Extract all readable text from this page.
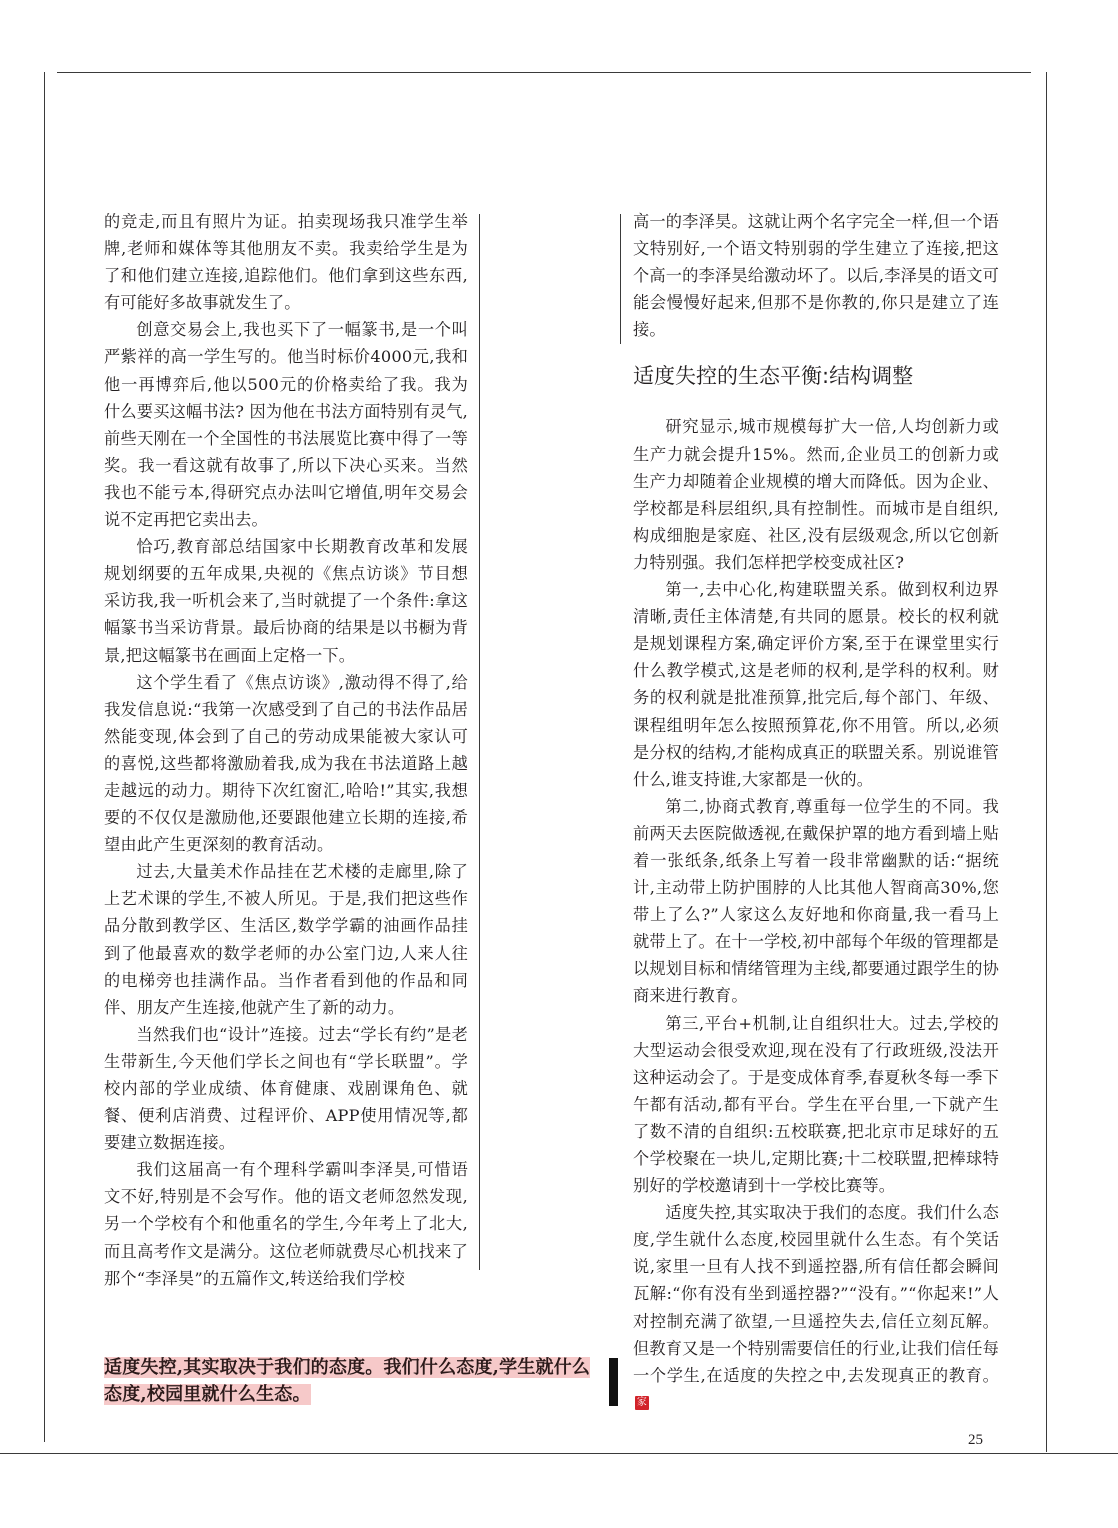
的竞走,而且有照片为证。拍卖现场我只准学生举牌,老师和媒体等其他朋友不卖。我卖给学生是为了和他们建立连接,追踪他们。他们拿到这些东西,有可能好多故事就发生了。

创意交易会上,我也买下了一幅篆书,是一个叫严紫祥的高一学生写的。他当时标价4000元,我和他一再博弈后,他以500元的价格卖给了我。我为什么要买这幅书法? 因为他在书法方面特别有灵气,前些天刚在一个全国性的书法展览比赛中得了一等奖。我一看这就有故事了,所以下决心买来。当然我也不能亏本,得研究点办法叫它增值,明年交易会说不定再把它卖出去。

恰巧,教育部总结国家中长期教育改革和发展规划纲要的五年成果,央视的《焦点访谈》节目想采访我,我一听机会来了,当时就提了一个条件:拿这幅篆书当采访背景。最后协商的结果是以书橱为背景,把这幅篆书在画面上定格一下。

这个学生看了《焦点访谈》,激动得不得了,给我发信息说:“我第一次感受到了自己的书法作品居然能变现,体会到了自己的劳动成果能被大家认可的喜悦,这些都将激励着我,成为我在书法道路上越走越远的动力。期待下次红窗汇,哈哈!”其实,我想要的不仅仅是激励他,还要跟他建立长期的连接,希望由此产生更深刻的教育活动。

过去,大量美术作品挂在艺术楼的走廊里,除了上艺术课的学生,不被人所见。于是,我们把这些作品分散到教学区、生活区,数学学霸的油画作品挂到了他最喜欢的数学老师的办公室门边,人来人往的电梯旁也挂满作品。当作者看到他的作品和同伴、朋友产生连接,他就产生了新的动力。

当然我们也“设计”连接。过去“学长有约”是老生带新生,今天他们学长之间也有“学长联盟”。学校内部的学业成绩、体育健康、戏剧课角色、就餐、便利店消费、过程评价、APP使用情况等,都要建立数据连接。

我们这届高一有个理科学霸叫李泽昊,可惜语文不好,特别是不会写作。他的语文老师忽然发现,另一个学校有个和他重名的学生,今年考上了北大,而且高考作文是满分。这位老师就费尽心机找来了那个“李泽昊”的五篇作文,转送给我们学校

高一的李泽昊。这就让两个名字完全一样,但一个语文特别好,一个语文特别弱的学生建立了连接,把这个高一的李泽昊给激动坏了。以后,李泽昊的语文可能会慢慢好起来,但那不是你教的,你只是建立了连接。

适度失控的生态平衡:结构调整

研究显示,城市规模每扩大一倍,人均创新力或生产力就会提升15%。然而,企业员工的创新力或生产力却随着企业规模的增大而降低。因为企业、学校都是科层组织,具有控制性。而城市是自组织,构成细胞是家庭、社区,没有层级观念,所以它创新力特别强。我们怎样把学校变成社区?

第一,去中心化,构建联盟关系。做到权利边界清晰,责任主体清楚,有共同的愿景。校长的权利就是规划课程方案,确定评价方案,至于在课堂里实行什么教学模式,这是老师的权利,是学科的权利。财务的权利就是批准预算,批完后,每个部门、年级、课程组明年怎么按照预算花,你不用管。所以,必须是分权的结构,才能构成真正的联盟关系。别说谁管什么,谁支持谁,大家都是一伙的。

第二,协商式教育,尊重每一位学生的不同。我前两天去医院做透视,在戴保护罩的地方看到墙上贴着一张纸条,纸条上写着一段非常幽默的话:“据统计,主动带上防护围脖的人比其他人智商高30%,您带上了么?”人家这么友好地和你商量,我一看马上就带上了。在十一学校,初中部每个年级的管理都是以规划目标和情绪管理为主线,都要通过跟学生的协商来进行教育。

第三,平台+机制,让自组织壮大。过去,学校的大型运动会很受欢迎,现在没有了行政班级,没法开这种运动会了。于是变成体育季,春夏秋冬每一季下午都有活动,都有平台。学生在平台里,一下就产生了数不清的自组织:五校联赛,把北京市足球好的五个学校聚在一块儿,定期比赛;十二校联盟,把棒球特别好的学校邀请到十一学校比赛等。

适度失控,其实取决于我们的态度。我们什么态度,学生就什么态度,校园里就什么生态。有个笑话说,家里一旦有人找不到遥控器,所有信任都会瞬间瓦解:“你有没有坐到遥控器?”“没有。”“你起来!”人对控制充满了欲望,一旦遥控失去,信任立刻瓦解。但教育又是一个特别需要信任的行业,让我们信任每一个学生,在适度的失控之中,去发现真正的教育。家

适度失控,其实取决于我们的态度。我们什么态度,学生就什么态度,校园里就什么生态。

25
